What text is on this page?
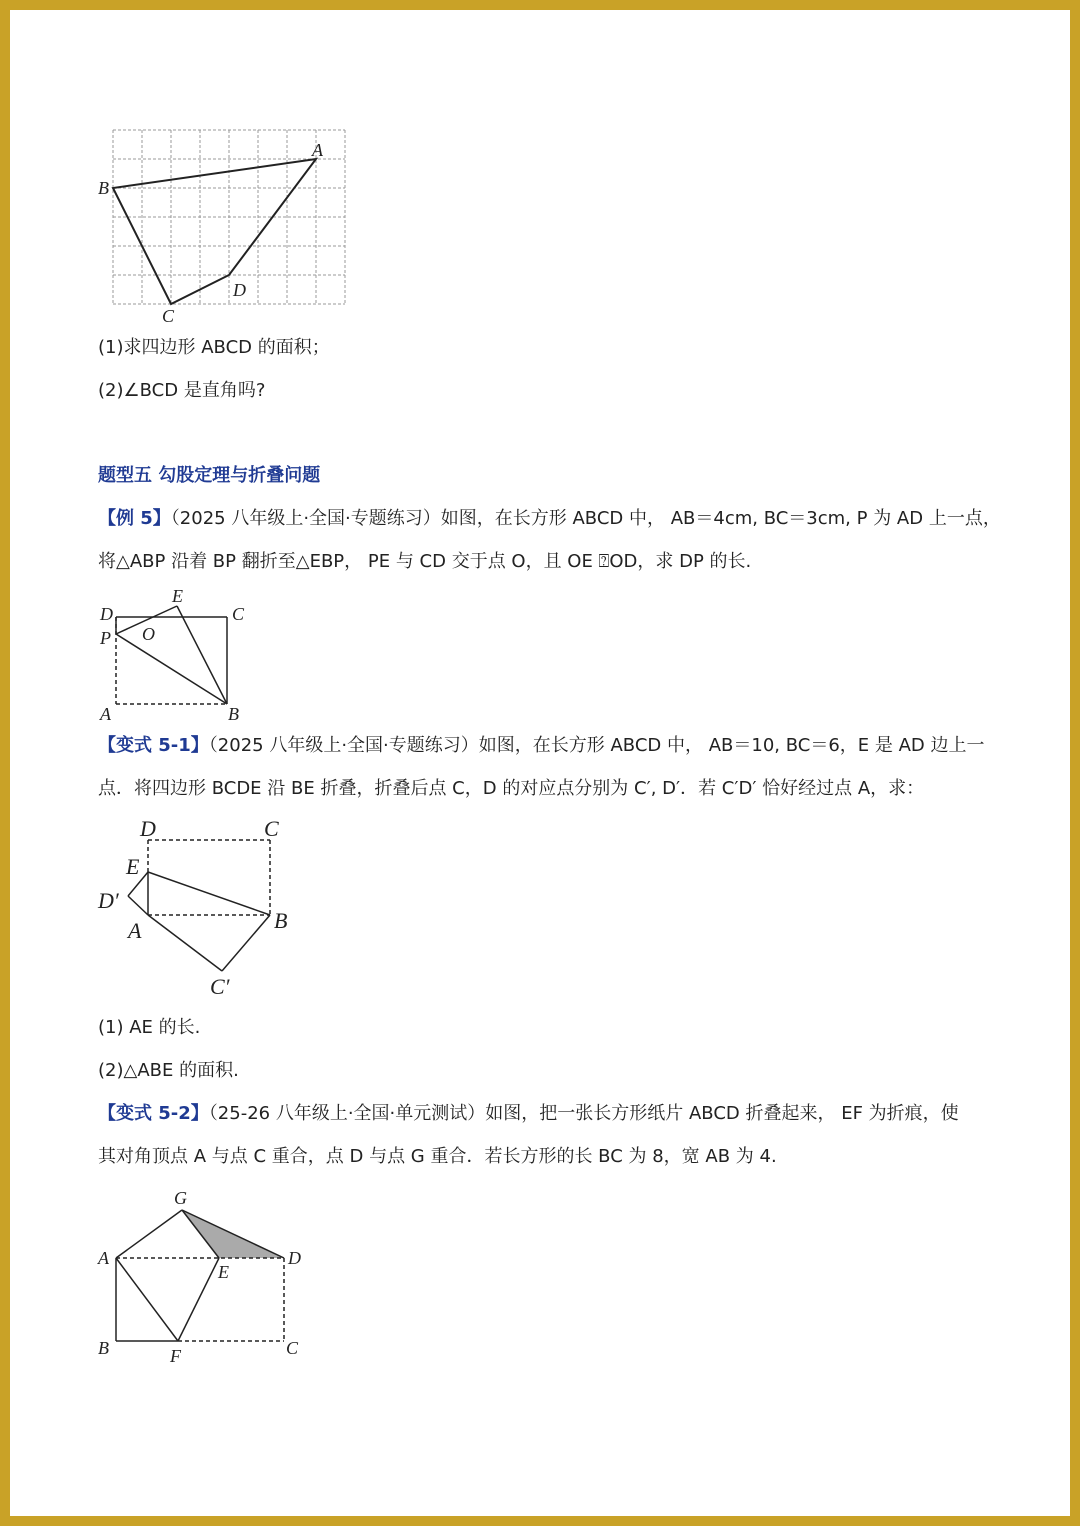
A
B
C
D
(1)求四边形 ABCD 的面积；
(2)∠BCD 是直角吗?
题型五 勾股定理与折叠问题
【例 5】（2025 八年级上·全国·专题练习）如图，在长方形 ABCD 中， AB＝4cm, BC＝3cm, P 为 AD 上一点，
将△ABP 沿着 BP 翻折至△EBP， PE 与 CD 交于点 O，且 OE ⍰OD，求 DP 的长.
D
E
C
P O
A	B
【变式 5-1】（2025 八年级上·全国·专题练习）如图，在长方形 ABCD 中， AB＝10, BC＝6，E 是 AD 边上一
点．将四边形 BCDE 沿 BE 折叠，折叠后点 C，D 的对应点分别为 C′, D′．若 C′D′ 恰好经过点 A，求：
D	C
E
D′
A	B
C′
(1) AE 的长.
(2)△ABE 的面积.
【变式 5-2】（25-26 八年级上·全国·单元测试）如图，把一张长方形纸片 ABCD 折叠起来， EF 为折痕，使
其对角顶点 A 与点 C 重合，点 D 与点 G 重合．若长方形的长 BC 为 8，宽 AB 为 4.
G
A
E
D
B	F	C
